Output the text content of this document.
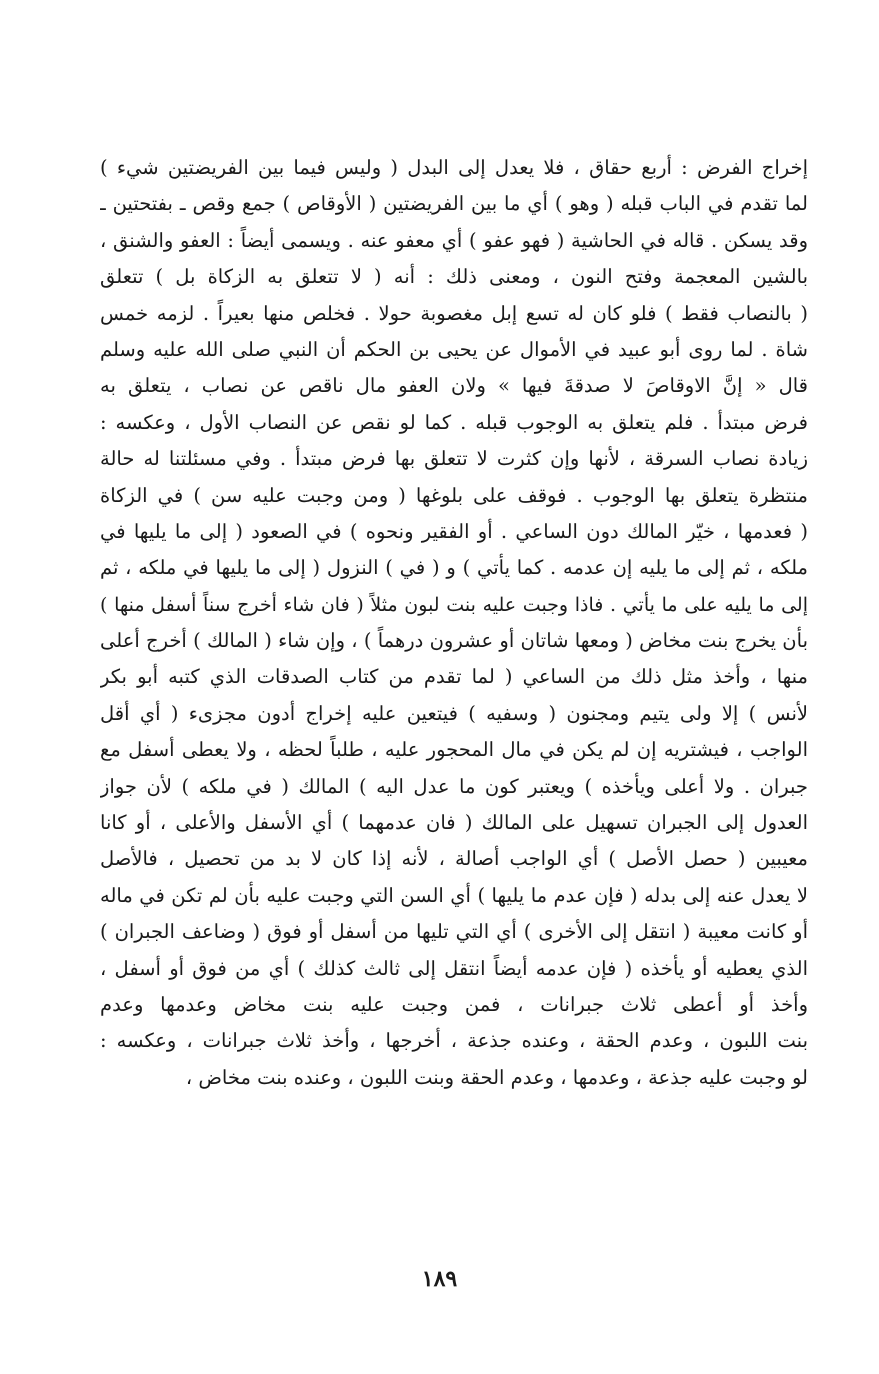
إخراج الفرض : أربع حقاق ، فلا يعدل إلى البدل ( وليس فيما بين الفريضتين شيء )
لما تقدم في الباب قبله ( وهو ) أي ما بين الفريضتين ( الأوقاص ) جمع وقص ـ بفتحتين ـ
وقد يسكن . قاله في الحاشية ( فهو عفو ) أي معفو عنه . ويسمى أيضاً : العفو والشنق ،
بالشين المعجمة وفتح النون ، ومعنى ذلك : أنه ( لا تتعلق به الزكاة بل ) تتعلق
( بالنصاب فقط ) فلو كان له تسع إبل مغصوبة حولا . فخلص منها بعيراً . لزمه خمس
شاة . لما روى أبو عبيد في الأموال عن يحيى بن الحكم أن النبي صلى الله عليه وسلم
قال « إنَّ الاوقاصَ لا صدقةَ فيها » ولان العفو مال ناقص عن نصاب ، يتعلق به
فرض مبتدأ . فلم يتعلق به الوجوب قبله . كما لو نقص عن النصاب الأول ، وعكسه :
زيادة نصاب السرقة ، لأنها وإن كثرت لا تتعلق بها فرض مبتدأ . وفي مسئلتنا له حالة
منتظرة يتعلق بها الوجوب . فوقف على بلوغها ( ومن وجبت عليه سن ) في الزكاة
( فعدمها ، خيّر المالك دون الساعي . أو الفقير ونحوه ) في الصعود ( إلى ما يليها في
ملكه ، ثم إلى ما يليه إن عدمه . كما يأتي ) و ( في ) النزول ( إلى ما يليها في ملكه ، ثم
إلى ما يليه على ما يأتي . فاذا وجبت عليه بنت لبون مثلاً ( فان شاء أخرج سناً أسفل منها )
بأن يخرج بنت مخاض ( ومعها شاتان أو عشرون درهماً ) ، وإن شاء ( المالك ) أخرج أعلى
منها ، وأخذ مثل ذلك من الساعي ( لما تقدم من كتاب الصدقات الذي كتبه أبو بكر
لأنس ) إلا ولى يتيم ومجنون ( وسفيه ) فيتعين عليه إخراج أدون مجزىء ( أي أقل
الواجب ، فيشتريه إن لم يكن في مال المحجور عليه ، طلباً لحظه ، ولا يعطى أسفل مع
جبران . ولا أعلى ويأخذه ) ويعتبر كون ما عدل اليه ) المالك ( في ملكه ) لأن جواز
العدول إلى الجبران تسهيل على المالك ( فان عدمهما ) أي الأسفل والأعلى ، أو كانا
معيبين ( حصل الأصل ) أي الواجب أصالة ، لأنه إذا كان لا بد من تحصيل ، فالأصل
لا يعدل عنه إلى بدله ( فإن عدم ما يليها ) أي السن التي وجبت عليه بأن لم تكن في ماله
أو كانت معيبة ( انتقل إلى الأخرى ) أي التي تليها من أسفل أو فوق ( وضاعف الجبران )
الذي يعطيه أو يأخذه ( فإن عدمه أيضاً انتقل إلى ثالث كذلك ) أي من فوق أو أسفل ،
وأخذ أو أعطى ثلاث جبرانات ، فمن وجبت عليه بنت مخاض وعدمها وعدم
بنت اللبون ، وعدم الحقة ، وعنده جذعة ، أخرجها ، وأخذ ثلاث جبرانات ، وعكسه :
لو وجبت عليه جذعة ، وعدمها ، وعدم الحقة وبنت اللبون ، وعنده بنت مخاض ،
١٨٩
